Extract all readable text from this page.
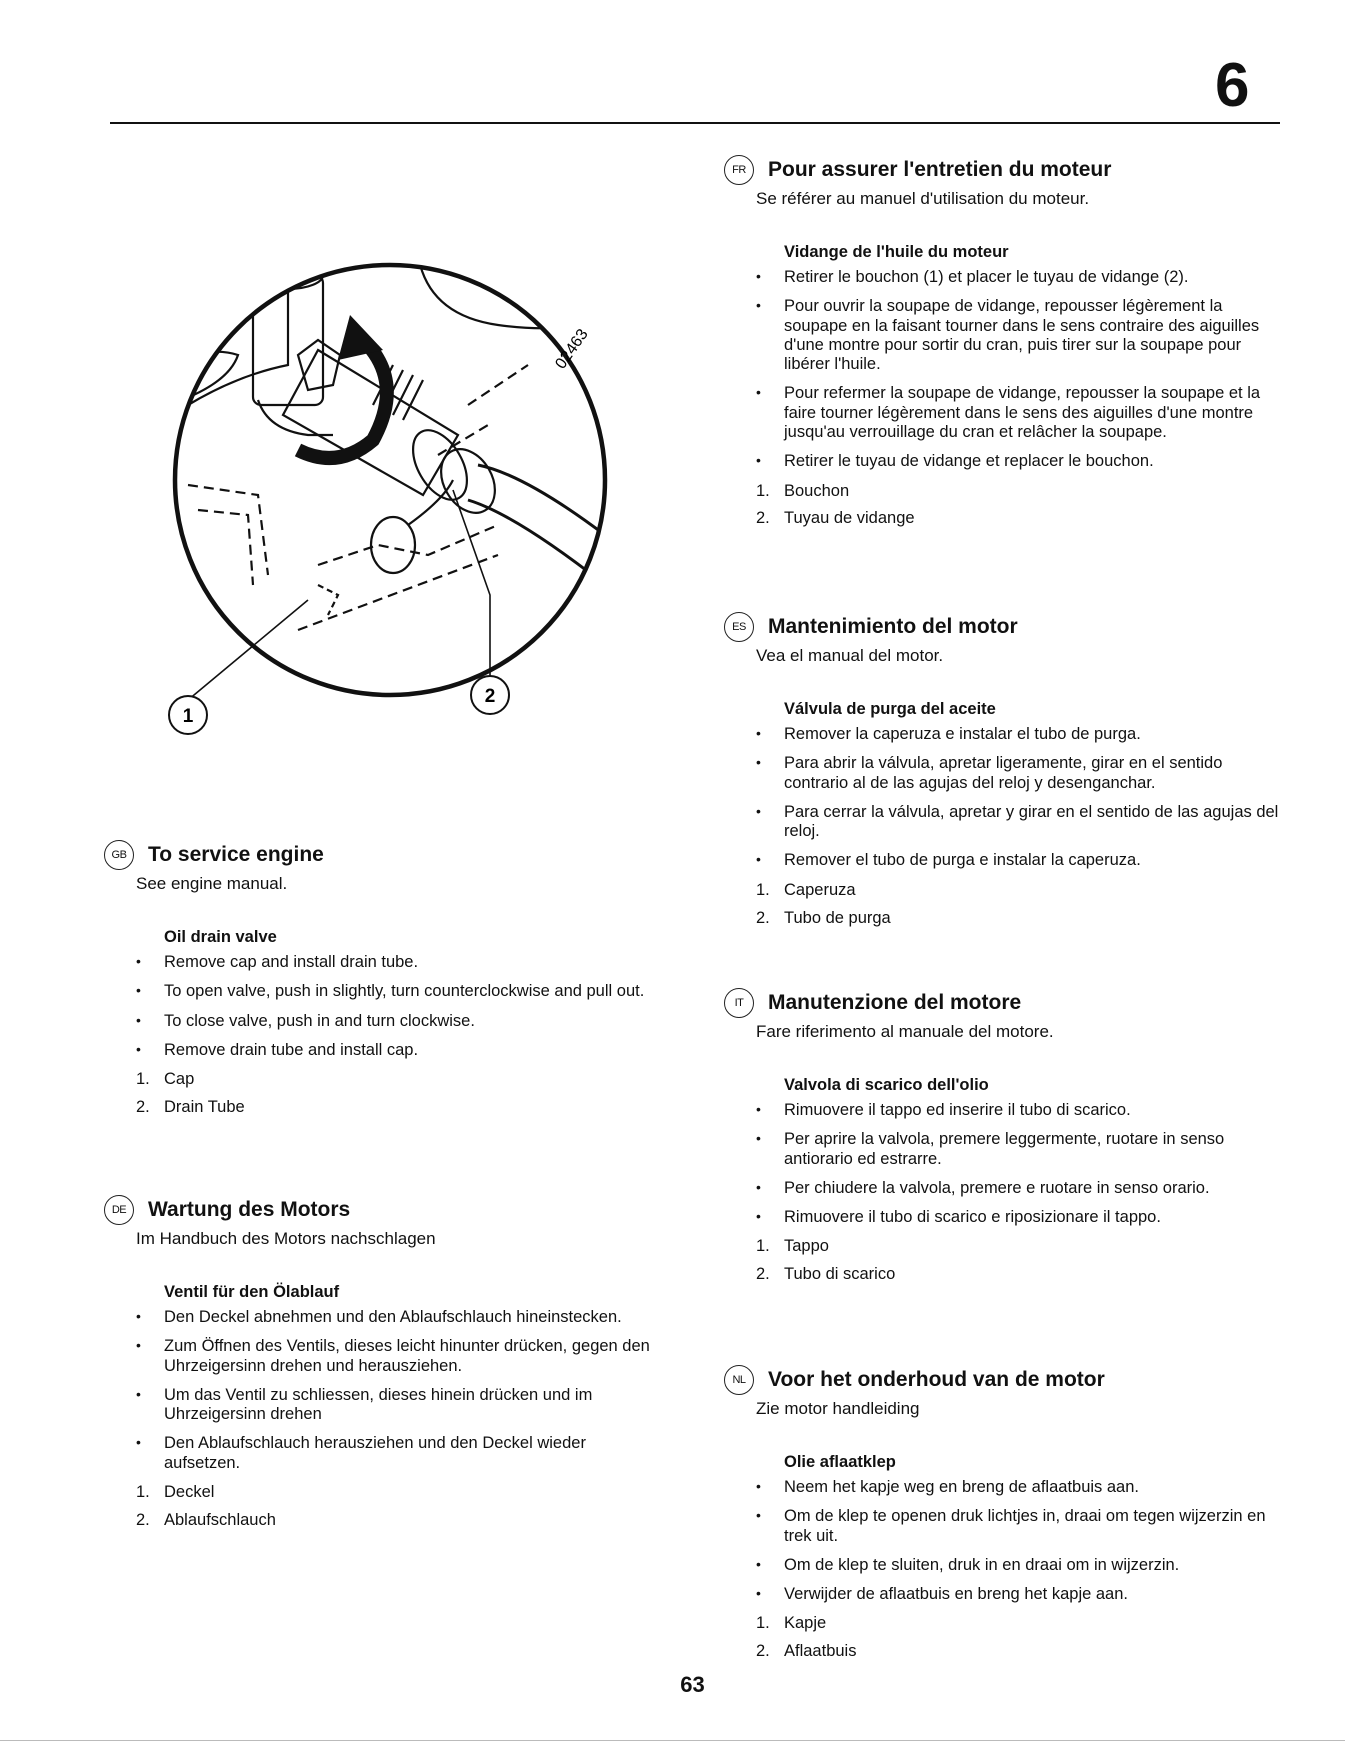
6
1
2
02463
GB	To service engine
See engine manual.
Oil drain valve
• Remove cap and install drain tube.
• To open valve, push in slightly, turn counterclockwise and pull out.
• To close valve, push in and turn clockwise.
• Remove drain tube and install cap.
1. Cap
2. Drain Tube
DE	Wartung des Motors
Im Handbuch des Motors nachschlagen
Ventil für den Ölablauf
• Den Deckel abnehmen und den Ablaufschlauch hineinstecken.
• Zum Öffnen des Ventils, dieses leicht hinunter drücken, gegen den Uhrzeigersinn drehen und herausziehen.
• Um das Ventil zu schliessen, dieses hinein drücken und im Uhrzeigersinn drehen
• Den Ablaufschlauch herausziehen und den Deckel wieder aufsetzen.
1. Deckel
2. Ablaufschlauch
FR	Pour assurer l'entretien du moteur
Se référer au manuel d'utilisation du moteur.
Vidange de l'huile du moteur
• Retirer le bouchon (1) et placer le tuyau de vidange (2).
• Pour ouvrir la soupape de vidange, repousser légèrement la soupape en la faisant tourner dans le sens contraire des aiguilles d'une montre pour sortir du cran, puis tirer sur la soupape pour libérer l'huile.
• Pour refermer la soupape de vidange, repousser la soupape et la faire tourner légèrement dans le sens des aiguilles d'une montre jusqu'au verrouillage du cran et relâcher la soupape.
• Retirer le tuyau de vidange et replacer le bouchon.
1. Bouchon
2. Tuyau de vidange
ES	Mantenimiento del motor
Vea el manual del motor.
Válvula de purga del aceite
• Remover la caperuza e instalar el tubo de purga.
• Para abrir la válvula, apretar ligeramente, girar en el sentido contrario al de las agujas del reloj y desenganchar.
• Para cerrar la válvula, apretar y girar en el sentido de las agujas del reloj.
• Remover el tubo de purga e instalar la caperuza.
1. Caperuza
2. Tubo de purga
IT	Manutenzione del motore
Fare riferimento al manuale del motore.
Valvola di scarico dell'olio
• Rimuovere il tappo ed inserire il tubo di scarico.
• Per aprire la valvola, premere leggermente, ruotare in senso antiorario ed estrarre.
• Per chiudere la valvola, premere e ruotare in senso orario.
• Rimuovere il tubo di scarico e riposizionare il tappo.
1. Tappo
2. Tubo di scarico
NL	Voor het onderhoud van de motor
Zie motor handleiding
Olie aflaatklep
• Neem het kapje weg en breng de aflaatbuis aan.
• Om de klep te openen druk lichtjes in, draai om tegen wijzerzin en trek uit.
• Om de klep te sluiten, druk in en draai om in wijzerzin.
• Verwijder de aflaatbuis en breng het kapje aan.
1. Kapje
2. Aflaatbuis
63
